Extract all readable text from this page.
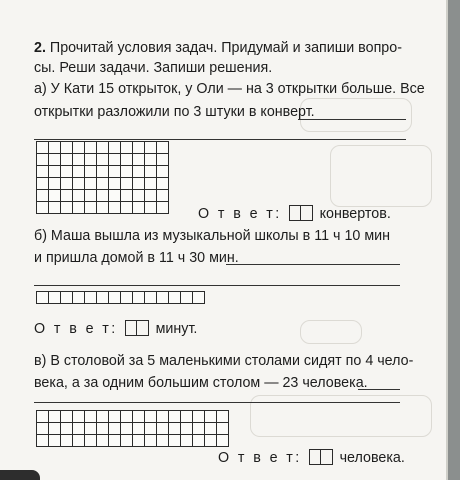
2. Прочитай условия задач. Придумай и запиши вопро-
сы. Реши задачи. Запиши решения.
а) У Кати 15 открыток, у Оли — на 3 открытки больше. Все
открытки разложили по 3 штуки в конверт.
О т в е т:	конвертов.
б) Маша вышла из музыкальной школы в 11 ч 10 мин
и пришла домой в 11 ч 30 мин.
О т в е т:	минут.
в) В столовой за 5 маленькими столами сидят по 4 чело-
века, а за одним большим столом — 23 человека.
О т в е т:	человека.
